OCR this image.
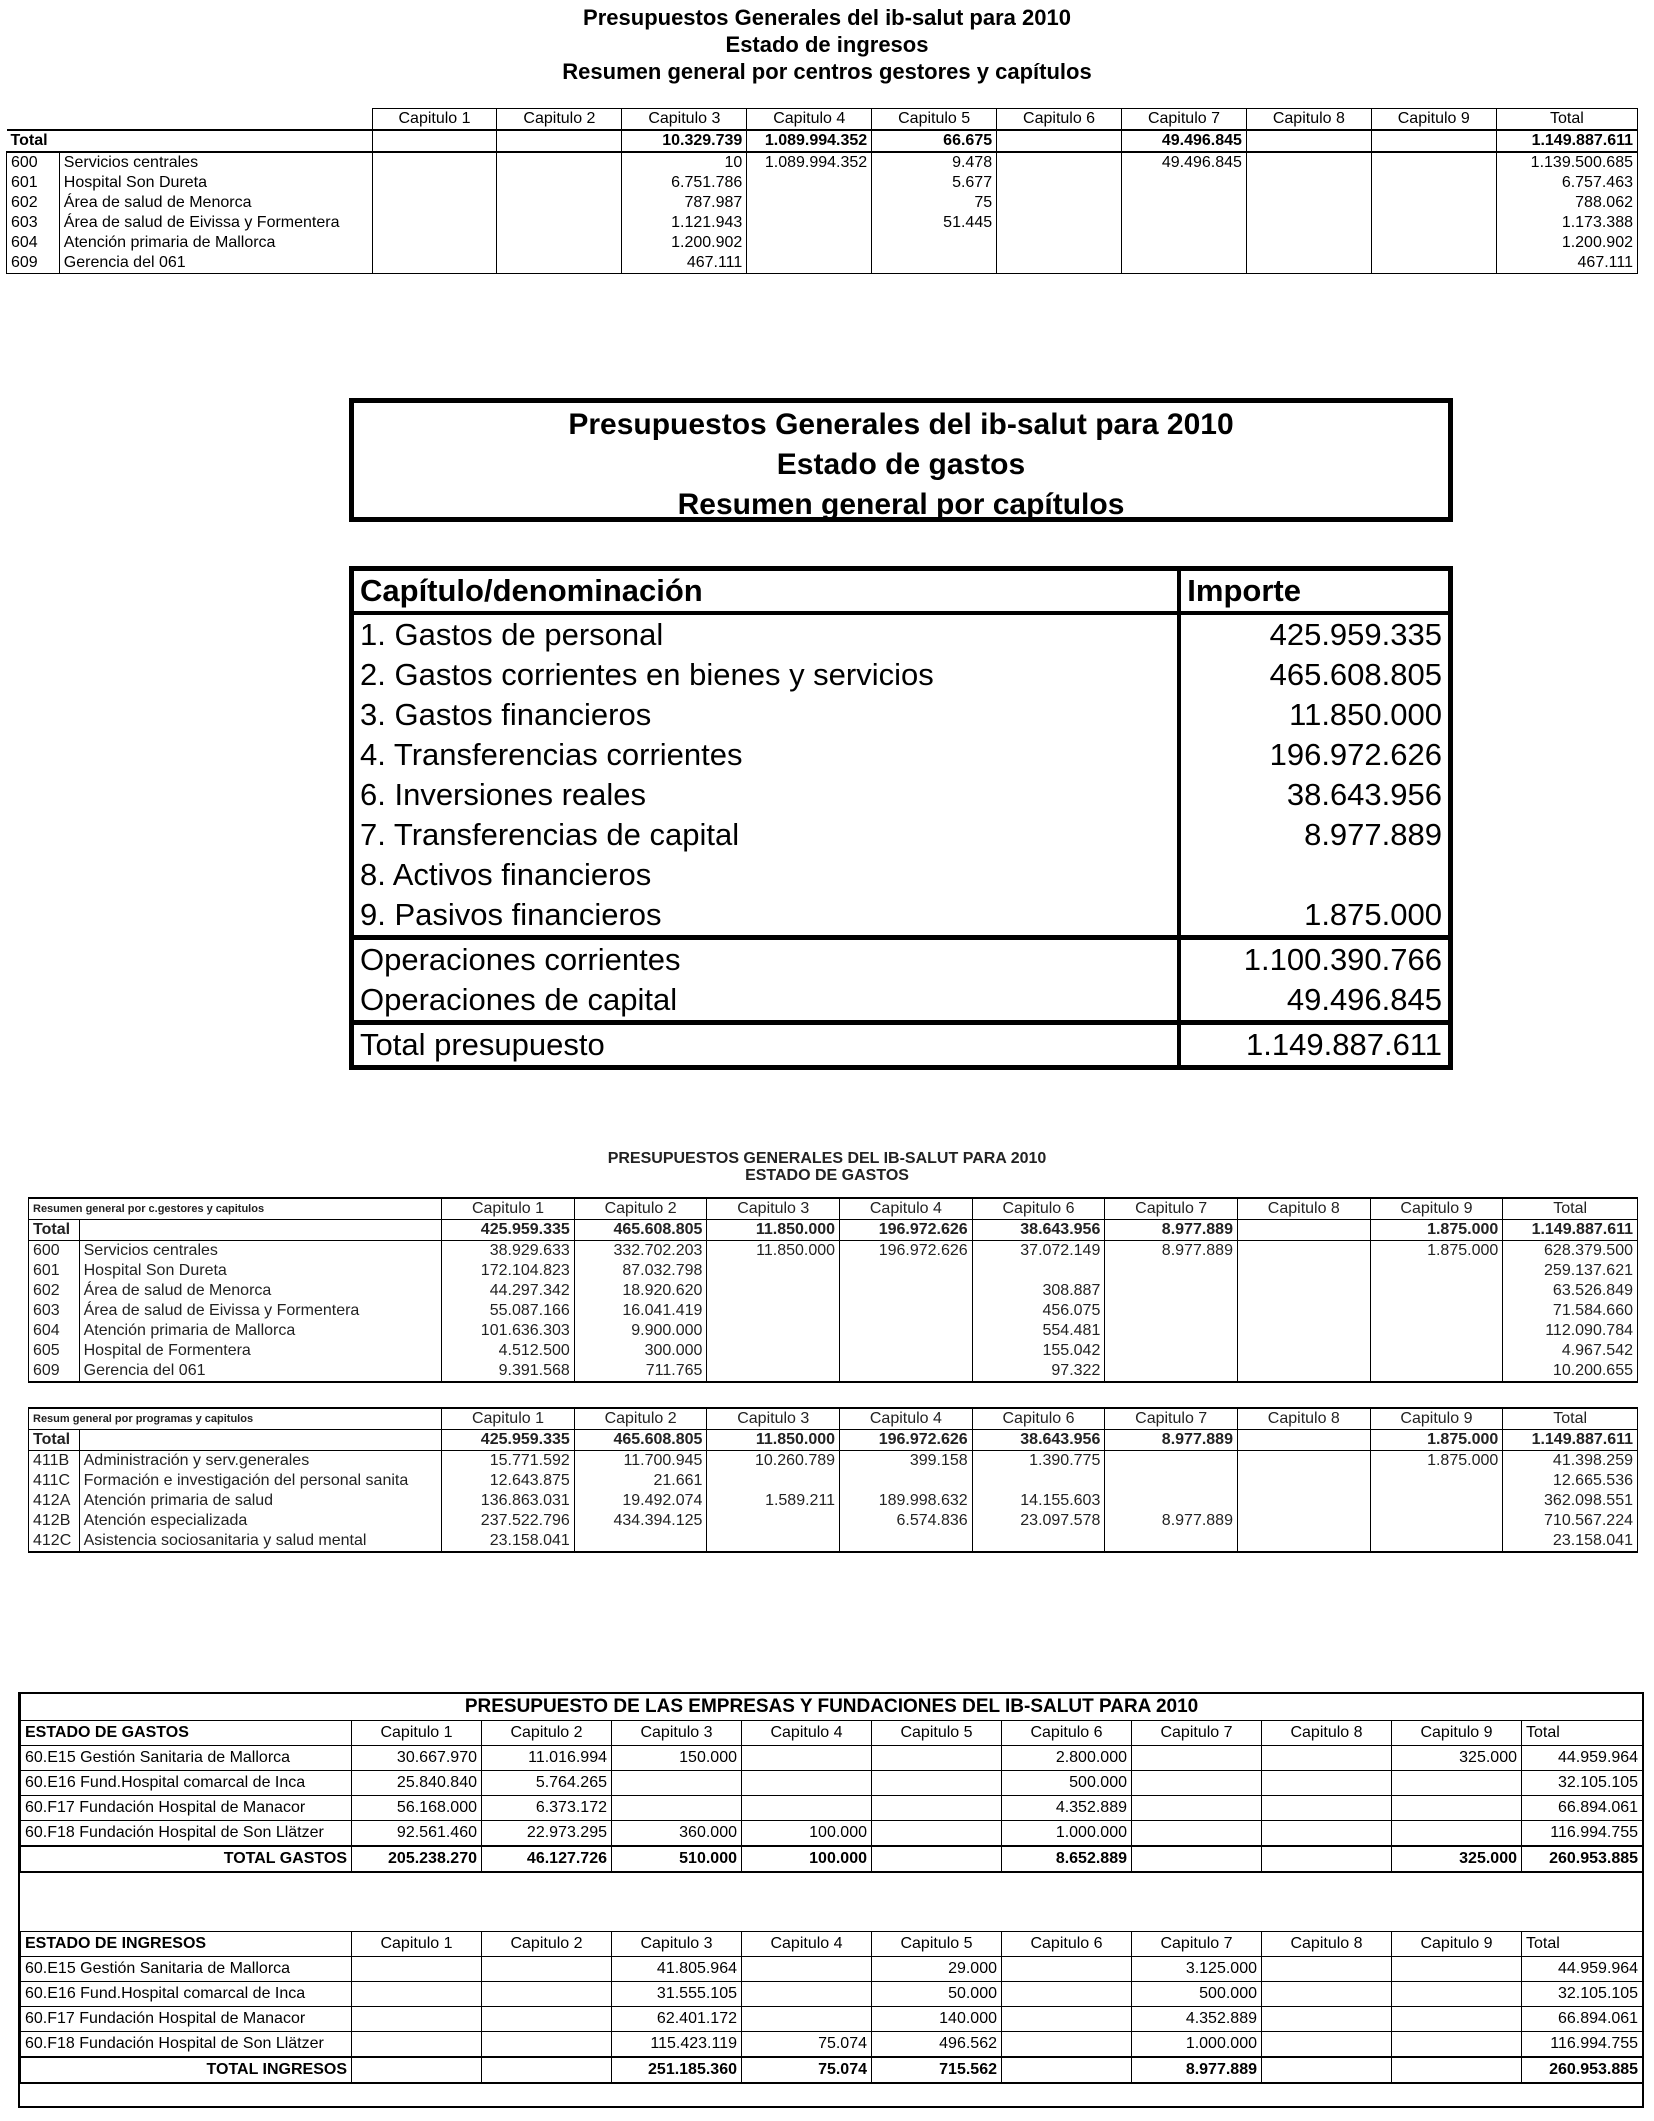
Presupuestos Generales del ib-salut para 2010
Estado de ingresos
Resumen general por centros gestores y capítulos
		Capitulo 1	Capitulo 2	Capitulo 3	Capitulo 4	Capitulo 5	Capitulo 6	Capitulo 7	Capitulo 8	Capitulo 9	Total
Total				10.329.739	1.089.994.352	66.675		49.496.845			1.149.887.611
600	Servicios centrales			10	1.089.994.352	9.478		49.496.845			1.139.500.685
601	Hospital Son Dureta			6.751.786		5.677					6.757.463
602	Área de salud de Menorca			787.987		75					788.062
603	Área de salud de Eivissa y Formentera			1.121.943		51.445					1.173.388
604	Atención primaria de Mallorca			1.200.902							1.200.902
609	Gerencia del 061			467.111							467.111
Presupuestos Generales del ib-salut para 2010
Estado de gastos
Resumen general por capítulos
Capítulo/denominación	Importe
1. Gastos de personal	425.959.335
2. Gastos corrientes en bienes y servicios	465.608.805
3. Gastos financieros	11.850.000
4. Transferencias corrientes	196.972.626
6. Inversiones reales	38.643.956
7. Transferencias de capital	8.977.889
8. Activos financieros	
9. Pasivos financieros	1.875.000
Operaciones corrientes	1.100.390.766
Operaciones de capital	49.496.845
Total presupuesto	1.149.887.611
PRESUPUESTOS GENERALES DEL IB-SALUT PARA 2010
ESTADO DE GASTOS
Resumen general por c.gestores y capitulos		Capitulo 1	Capitulo 2	Capitulo 3	Capitulo 4	Capitulo 6	Capitulo 7	Capitulo 8	Capitulo 9	Total
Total		425.959.335	465.608.805	11.850.000	196.972.626	38.643.956	8.977.889		1.875.000	1.149.887.611
600	Servicios centrales	38.929.633	332.702.203	11.850.000	196.972.626	37.072.149	8.977.889		1.875.000	628.379.500
601	Hospital Son Dureta	172.104.823	87.032.798							259.137.621
602	Área de salud de Menorca	44.297.342	18.920.620			308.887				63.526.849
603	Área de salud de Eivissa y Formentera	55.087.166	16.041.419			456.075				71.584.660
604	Atención primaria de Mallorca	101.636.303	9.900.000			554.481				112.090.784
605	Hospital de Formentera	4.512.500	300.000			155.042				4.967.542
609	Gerencia del 061	9.391.568	711.765			97.322				10.200.655
Resum general por programas y capitulos		Capitulo 1	Capitulo 2	Capitulo 3	Capitulo 4	Capitulo 6	Capitulo 7	Capitulo 8	Capitulo 9	Total
Total		425.959.335	465.608.805	11.850.000	196.972.626	38.643.956	8.977.889		1.875.000	1.149.887.611
411B	Administración y serv.generales	15.771.592	11.700.945	10.260.789	399.158	1.390.775			1.875.000	41.398.259
411C	Formación e investigación del personal sanita	12.643.875	21.661							12.665.536
412A	Atención primaria de salud	136.863.031	19.492.074	1.589.211	189.998.632	14.155.603				362.098.551
412B	Atención especializada	237.522.796	434.394.125		6.574.836	23.097.578	8.977.889			710.567.224
412C	Asistencia sociosanitaria y salud mental	23.158.041								23.158.041
PRESUPUESTO DE LAS EMPRESAS Y FUNDACIONES DEL IB-SALUT PARA 2010										
ESTADO DE GASTOS	Capitulo 1	Capitulo 2	Capitulo 3	Capitulo 4	Capitulo 5	Capitulo 6	Capitulo 7	Capitulo 8	Capitulo 9	Total
60.E15 Gestión Sanitaria de Mallorca	30.667.970	11.016.994	150.000			2.800.000			325.000	44.959.964
60.E16 Fund.Hospital comarcal de Inca	25.840.840	5.764.265				500.000				32.105.105
60.F17 Fundación Hospital de Manacor	56.168.000	6.373.172				4.352.889				66.894.061
60.F18 Fundación Hospital de Son Llätzer	92.561.460	22.973.295	360.000	100.000		1.000.000				116.994.755
TOTAL GASTOS	205.238.270	46.127.726	510.000	100.000		8.652.889			325.000	260.953.885

ESTADO DE INGRESOS	Capitulo 1	Capitulo 2	Capitulo 3	Capitulo 4	Capitulo 5	Capitulo 6	Capitulo 7	Capitulo 8	Capitulo 9	Total
60.E15 Gestión Sanitaria de Mallorca			41.805.964		29.000		3.125.000			44.959.964
60.E16 Fund.Hospital comarcal de Inca			31.555.105		50.000		500.000			32.105.105
60.F17 Fundación Hospital de Manacor			62.401.172		140.000		4.352.889			66.894.061
60.F18 Fundación Hospital de Son Llätzer			115.423.119	75.074	496.562		1.000.000			116.994.755
TOTAL INGRESOS			251.185.360	75.074	715.562		8.977.889			260.953.885
